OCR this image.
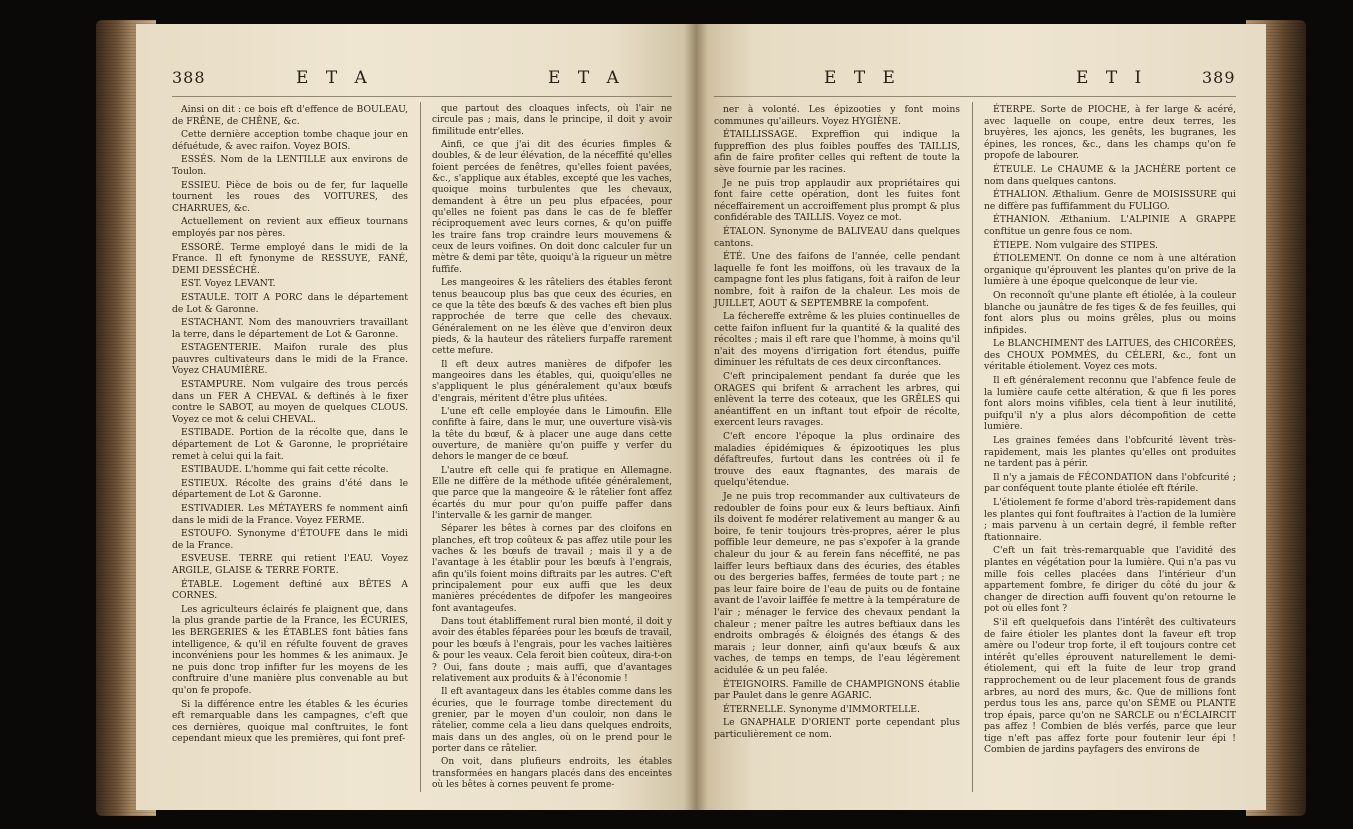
388	E T A	E T A

Ainsi on dit : ce bois eft d'effence de BOULEAU, de FRÊNE, de CHÊNE, &c.

Cette dernière acception tombe chaque jour en défuétude, & avec raifon. Voyez BOIS.

ESSÉS. Nom de la LENTILLE aux environs de Toulon.

ESSIEU. Pièce de bois ou de fer, fur laquelle tournent les roues des VOITURES, des CHARRUES, &c.

Actuellement on revient aux effieux tournans employés par nos pères.

ESSORÉ. Terme employé dans le midi de la France. Il eft fynonyme de RESSUYE, FANÉ, DEMI DESSÉCHÉ.

EST. Voyez LEVANT.

ESTAULE. TOIT A PORC dans le département de Lot & Garonne.

ESTACHANT. Nom des manouvriers travaillant la terre, dans le département de Lot & Garonne.

ESTAGENTERIE. Maifon rurale des plus pauvres cultivateurs dans le midi de la France. Voyez CHAUMIÈRE.

ESTAMPURE. Nom vulgaire des trous percés dans un FER A CHEVAL & deftinés à le fixer contre le SABOT, au moyen de quelques CLOUS. Voyez ce mot & celui CHEVAL.

ESTIBADE. Portion de la récolte que, dans le département de Lot & Garonne, le propriétaire remet à celui qui la fait.

ESTIBAUDE. L'homme qui fait cette récolte.

ESTIEUX. Récolte des grains d'été dans le département de Lot & Garonne.

ESTIVADIER. Les MÉTAYERS fe nomment ainfi dans le midi de la France. Voyez FERME.

ESTOUFO. Synonyme d'ÉTOUFE dans le midi de la France.

ESVEUSE. TERRE qui retient l'EAU. Voyez ARGILE, GLAISE & TERRE FORTE.

ÉTABLE. Logement deftiné aux BÊTES A CORNES.

Les agriculteurs éclairés fe plaignent que, dans la plus grande partie de la France, les ÉCURIES, les BERGERIES & les ÉTABLES font bâties fans intelligence, & qu'il en réfulte fouvent de graves inconvéniens pour les hommes & les animaux. Je ne puis donc trop infifter fur les moyens de les conftruire d'une manière plus convenable au but qu'on fe propofe.

Si la différence entre les étables & les écuries eft remarquable dans les campagnes, c'eft que ces dernières, quoique mal conftruites, le font cependant mieux que les premières, qui font pref-

que partout des cloaques infects, où l'air ne circule pas ; mais, dans le principe, il doit y avoir fimilitude entr'elles.

Ainfi, ce que j'ai dit des écuries fimples & doubles, & de leur élévation, de la néceffité qu'elles foient percées de fenêtres, qu'elles foient pavées, &c., s'applique aux étables, excepté que les vaches, quoique moins turbulentes que les chevaux, demandent à être un peu plus efpacées, pour qu'elles ne foient pas dans le cas de fe bleffer réciproquement avec leurs cornes, & qu'on puiffe les traire fans trop craindre leurs mouvemens & ceux de leurs voifines. On doit donc calculer fur un mètre & demi par tête, quoiqu'à la rigueur un mètre fuffife.

Les mangeoires & les râteliers des étables feront tenus beaucoup plus bas que ceux des écuries, en ce que la tête des bœufs & des vaches eft bien plus rapprochée de terre que celle des chevaux. Généralement on ne les élève que d'environ deux pieds, & la hauteur des râteliers furpaffe rarement cette mefure.

Il eft deux autres manières de difpofer les mangeoires dans les étables, qui, quoiqu'elles ne s'appliquent le plus généralement qu'aux bœufs d'engrais, méritent d'être plus ufitées.

L'une eft celle employée dans le Limoufin. Elle confifte à faire, dans le mur, une ouverture visà-vis la tête du bœuf, & à placer une auge dans cette ouverture, de manière qu'on puiffe y verfer du dehors le manger de ce bœuf.

L'autre eft celle qui fe pratique en Allemagne. Elle ne diffère de la méthode ufitée généralement, que parce que la mangeoire & le râtelier font affez écartés du mur pour qu'on puiffe paffer dans l'intervalle & les garnir de manger.

Séparer les bêtes à cornes par des cloifons en planches, eft trop coûteux & pas affez utile pour les vaches & les bœufs de travail ; mais il y a de l'avantage à les établir pour les bœufs à l'engrais, afin qu'ils foient moins diftraits par les autres. C'eft principalement pour eux auffi que les deux manières précédentes de difpofer les mangeoires font avantageufes.

Dans tout établiffement rural bien monté, il doit y avoir des étables féparées pour les bœufs de travail, pour les bœufs à l'engrais, pour les vaches laitières & pour les veaux. Cela feroit bien coûteux, dira-t-on ? Oui, fans doute ; mais auffi, que d'avantages relativement aux produits & à l'économie !

Il eft avantageux dans les étables comme dans les écuries, que le fourrage tombe directement du grenier, par le moyen d'un couloir, non dans le râtelier, comme cela a lieu dans quelques endroits, mais dans un des angles, où on le prend pour le porter dans ce râtelier.

On voit, dans plufieurs endroits, les étables transformées en hangars placés dans des enceintes où les bêtes à cornes peuvent fe prome-

E T E	E T I	389

ner à volonté. Les épizooties y font moins communes qu'ailleurs. Voyez HYGIÈNE.

ÉTAILLISSAGE. Expreffion qui indique la fuppreffion des plus foibles pouffes des TAILLIS, afin de faire profiter celles qui reftent de toute la sève fournie par les racines.

Je ne puis trop applaudir aux propriétaires qui font faire cette opération, dont les fuites font néceffairement un accroiffement plus prompt & plus confidérable des TAILLIS. Voyez ce mot.

ÉTALON. Synonyme de BALIVEAU dans quelques cantons.

ÉTÉ. Une des faifons de l'année, celle pendant laquelle fe font les moiffons, où les travaux de la campagne font les plus fatigans, foit à raifon de leur nombre, foit à raifon de la chaleur. Les mois de JUILLET, AOUT & SEPTEMBRE la compofent.

La féchereffe extrême & les pluies continuelles de cette faifon influent fur la quantité & la qualité des récoltes ; mais il eft rare que l'homme, à moins qu'il n'ait des moyens d'irrigation fort étendus, puiffe diminuer les réfultats de ces deux circonftances.

C'eft principalement pendant fa durée que les ORAGES qui brifent & arrachent les arbres, qui enlèvent la terre des coteaux, que les GRÊLES qui anéantiffent en un inftant tout efpoir de récolte, exercent leurs ravages.

C'eft encore l'époque la plus ordinaire des maladies épidémiques & épizootiques les plus défaftreufes, furtout dans les contrées où il fe trouve des eaux ftagnantes, des marais de quelqu'étendue.

Je ne puis trop recommander aux cultivateurs de redoubler de foins pour eux & leurs beftiaux. Ainfi ils doivent fe modérer relativement au manger & au boire, fe tenir toujours très-propres, aérer le plus poffible leur demeure, ne pas s'expofer à la grande chaleur du jour & au ferein fans néceffité, ne pas laiffer leurs beftiaux dans des écuries, des étables ou des bergeries baffes, fermées de toute part ; ne pas leur faire boire de l'eau de puits ou de fontaine avant de l'avoir laiffée fe mettre à la température de l'air ; ménager le fervice des chevaux pendant la chaleur ; mener paître les autres beftiaux dans les endroits ombragés & éloignés des étangs & des marais ; leur donner, ainfi qu'aux bœufs & aux vaches, de temps en temps, de l'eau légèrement acidulée & un peu falée.

ÉTEIGNOIRS. Famille de CHAMPIGNONS établie par Paulet dans le genre AGARIC.

ÉTERNELLE. Synonyme d'IMMORTELLE.

Le GNAPHALE D'ORIENT porte cependant plus particulièrement ce nom.

ÉTERPE. Sorte de PIOCHE, à fer large & acéré, avec laquelle on coupe, entre deux terres, les bruyères, les ajoncs, les genêts, les bugranes, les épines, les ronces, &c., dans les champs qu'on fe propofe de labourer.

ÉTEULE. Le CHAUME & la JACHÈRE portent ce nom dans quelques cantons.

ÉTHALION. Æthalium. Genre de MOISISSURE qui ne diffère pas fuffifamment du FULIGO.

ÉTHANION. Æthanium. L'ALPINIE A GRAPPE conftitue un genre fous ce nom.

ÉTIEPE. Nom vulgaire des STIPES.

ÉTIOLEMENT. On donne ce nom à une altération organique qu'éprouvent les plantes qu'on prive de la lumière à une époque quelconque de leur vie.

On reconnoît qu'une plante eft étiolée, à la couleur blanche ou jaunâtre de fes tiges & de fes feuilles, qui font alors plus ou moins grêles, plus ou moins infipides.

Le BLANCHIMENT des LAITUES, des CHICORÉES, des CHOUX POMMÉS, du CÉLERI, &c., font un véritable étiolement. Voyez ces mots.

Il eft généralement reconnu que l'abfence feule de la lumière caufe cette altération, & que fi les pores font alors moins vifibles, cela tient à leur inutilité, puifqu'il n'y a plus alors décompofition de cette lumière.

Les graines femées dans l'obfcurité lèvent très-rapidement, mais les plantes qu'elles ont produites ne tardent pas à périr.

Il n'y a jamais de FÉCONDATION dans l'obfcurité ; par conféquent toute plante étiolée eft ftérile.

L'étiolement fe forme d'abord très-rapidement dans les plantes qui font fouftraites à l'action de la lumière ; mais parvenu à un certain degré, il femble refter ftationnaire.

C'eft un fait très-remarquable que l'avidité des plantes en végétation pour la lumière. Qui n'a pas vu mille fois celles placées dans l'intérieur d'un appartement fombre, fe diriger du côté du jour & changer de direction auffi fouvent qu'on retourne le pot où elles font ?

S'il eft quelquefois dans l'intérêt des cultivateurs de faire étioler les plantes dont la faveur eft trop amère ou l'odeur trop forte, il eft toujours contre cet intérêt qu'elles éprouvent naturellement le demi-étiolement, qui eft la fuite de leur trop grand rapprochement ou de leur placement fous de grands arbres, au nord des murs, &c. Que de millions font perdus tous les ans, parce qu'on SÈME ou PLANTE trop épais, parce qu'on ne SARCLE ou n'ÉCLAIRCIT pas affez ! Combien de blés verfés, parce que leur tige n'eft pas affez forte pour foutenir leur épi ! Combien de jardins payfagers des environs de
